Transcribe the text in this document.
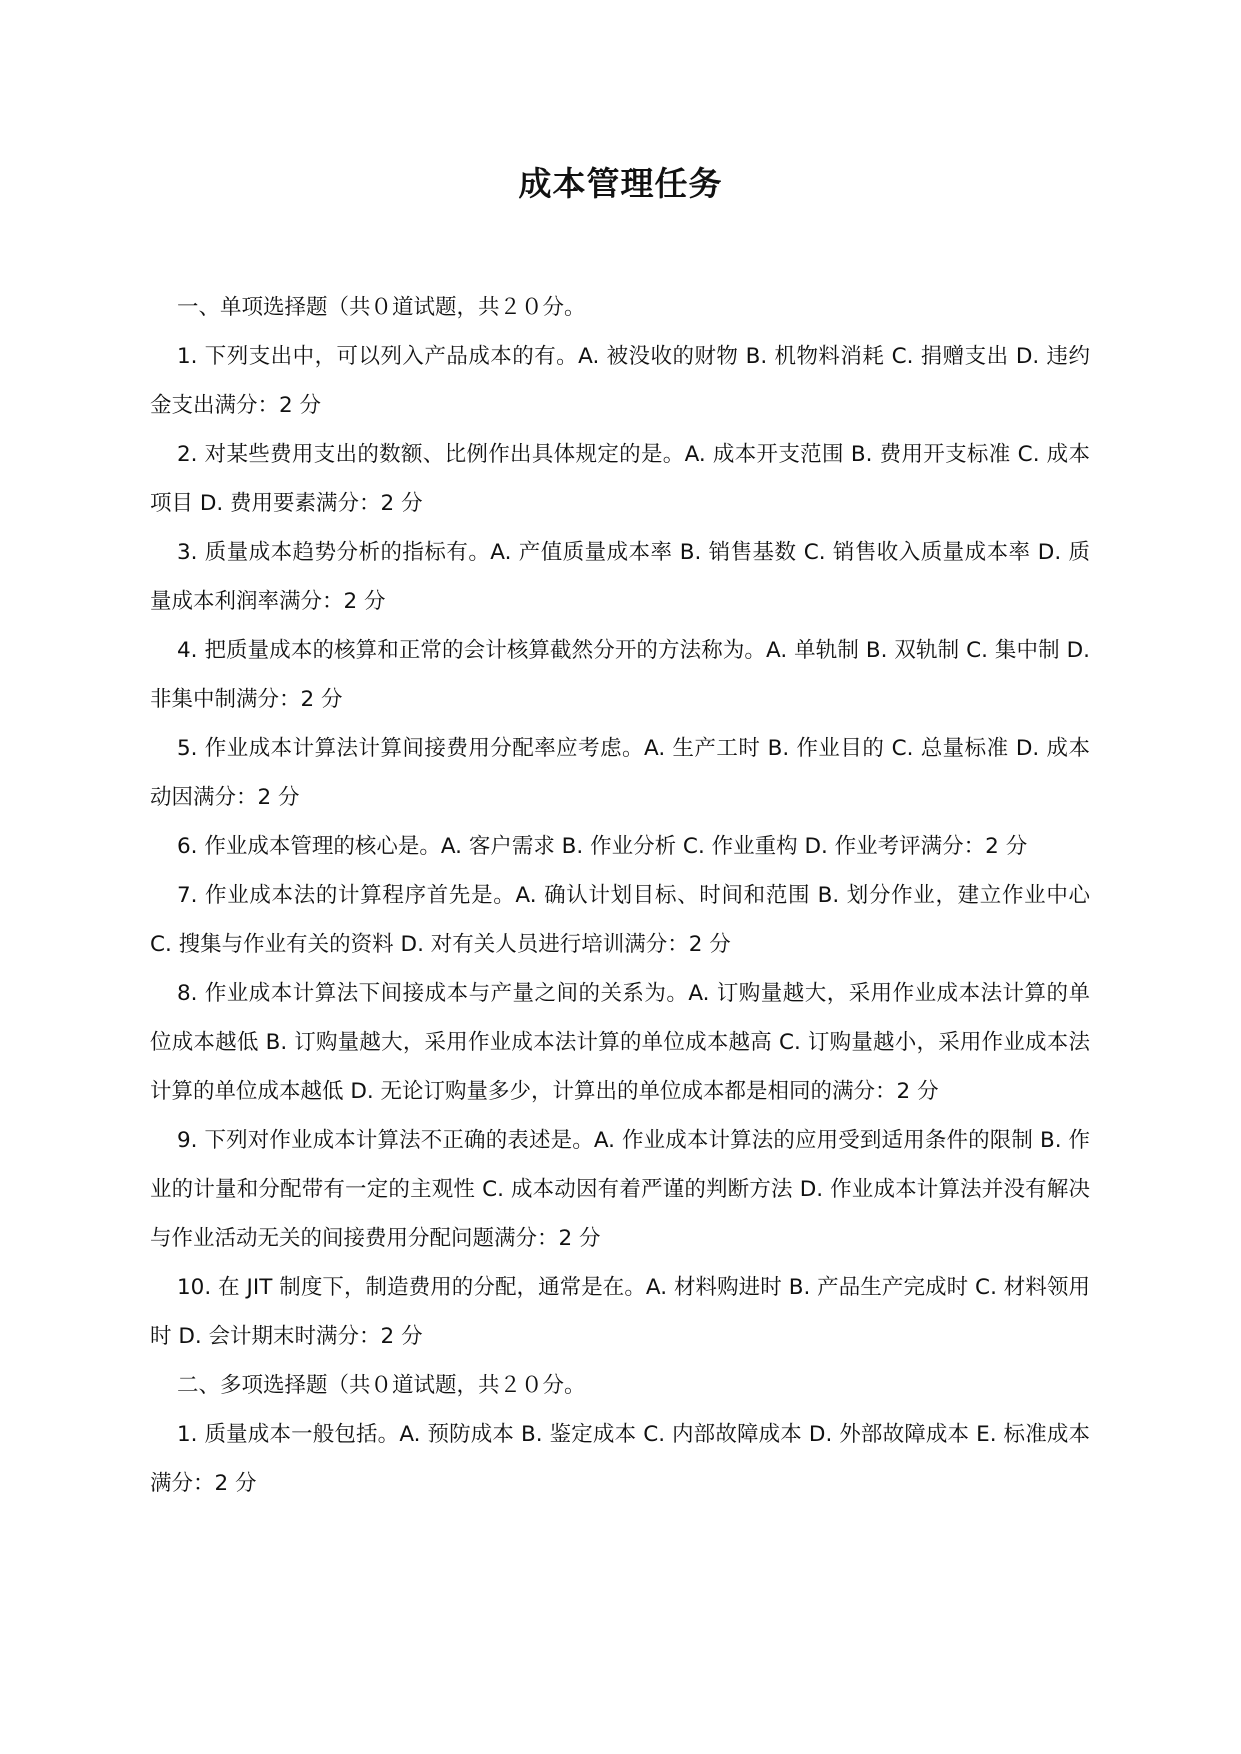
成本管理任务

一、单项选择题（共０道试题，共２０分。

1. 下列支出中，可以列入产品成本的有。A. 被没收的财物 B. 机物料消耗 C. 捐赠支出 D. 违约金支出满分：2 分

2. 对某些费用支出的数额、比例作出具体规定的是。A. 成本开支范围 B. 费用开支标准 C. 成本项目 D. 费用要素满分：2 分

3. 质量成本趋势分析的指标有。A. 产值质量成本率 B. 销售基数 C. 销售收入质量成本率 D. 质量成本利润率满分：2 分

4. 把质量成本的核算和正常的会计核算截然分开的方法称为。A. 单轨制 B. 双轨制 C. 集中制 D. 非集中制满分：2 分

5. 作业成本计算法计算间接费用分配率应考虑。A. 生产工时 B. 作业目的 C. 总量标准 D. 成本动因满分：2 分

6. 作业成本管理的核心是。A. 客户需求 B. 作业分析 C. 作业重构 D. 作业考评满分：2 分

7. 作业成本法的计算程序首先是。A. 确认计划目标、时间和范围 B. 划分作业，建立作业中心 C. 搜集与作业有关的资料 D. 对有关人员进行培训满分：2 分

8. 作业成本计算法下间接成本与产量之间的关系为。A. 订购量越大，采用作业成本法计算的单位成本越低 B. 订购量越大，采用作业成本法计算的单位成本越高 C. 订购量越小，采用作业成本法计算的单位成本越低 D. 无论订购量多少，计算出的单位成本都是相同的满分：2 分

9. 下列对作业成本计算法不正确的表述是。A. 作业成本计算法的应用受到适用条件的限制 B. 作业的计量和分配带有一定的主观性 C. 成本动因有着严谨的判断方法 D. 作业成本计算法并没有解决与作业活动无关的间接费用分配问题满分：2 分

10. 在 JIT 制度下，制造费用的分配，通常是在。A. 材料购进时 B. 产品生产完成时 C. 材料领用时 D. 会计期末时满分：2 分

二、多项选择题（共０道试题，共２０分。

1. 质量成本一般包括。A. 预防成本 B. 鉴定成本 C. 内部故障成本 D. 外部故障成本 E. 标准成本满分：2 分
